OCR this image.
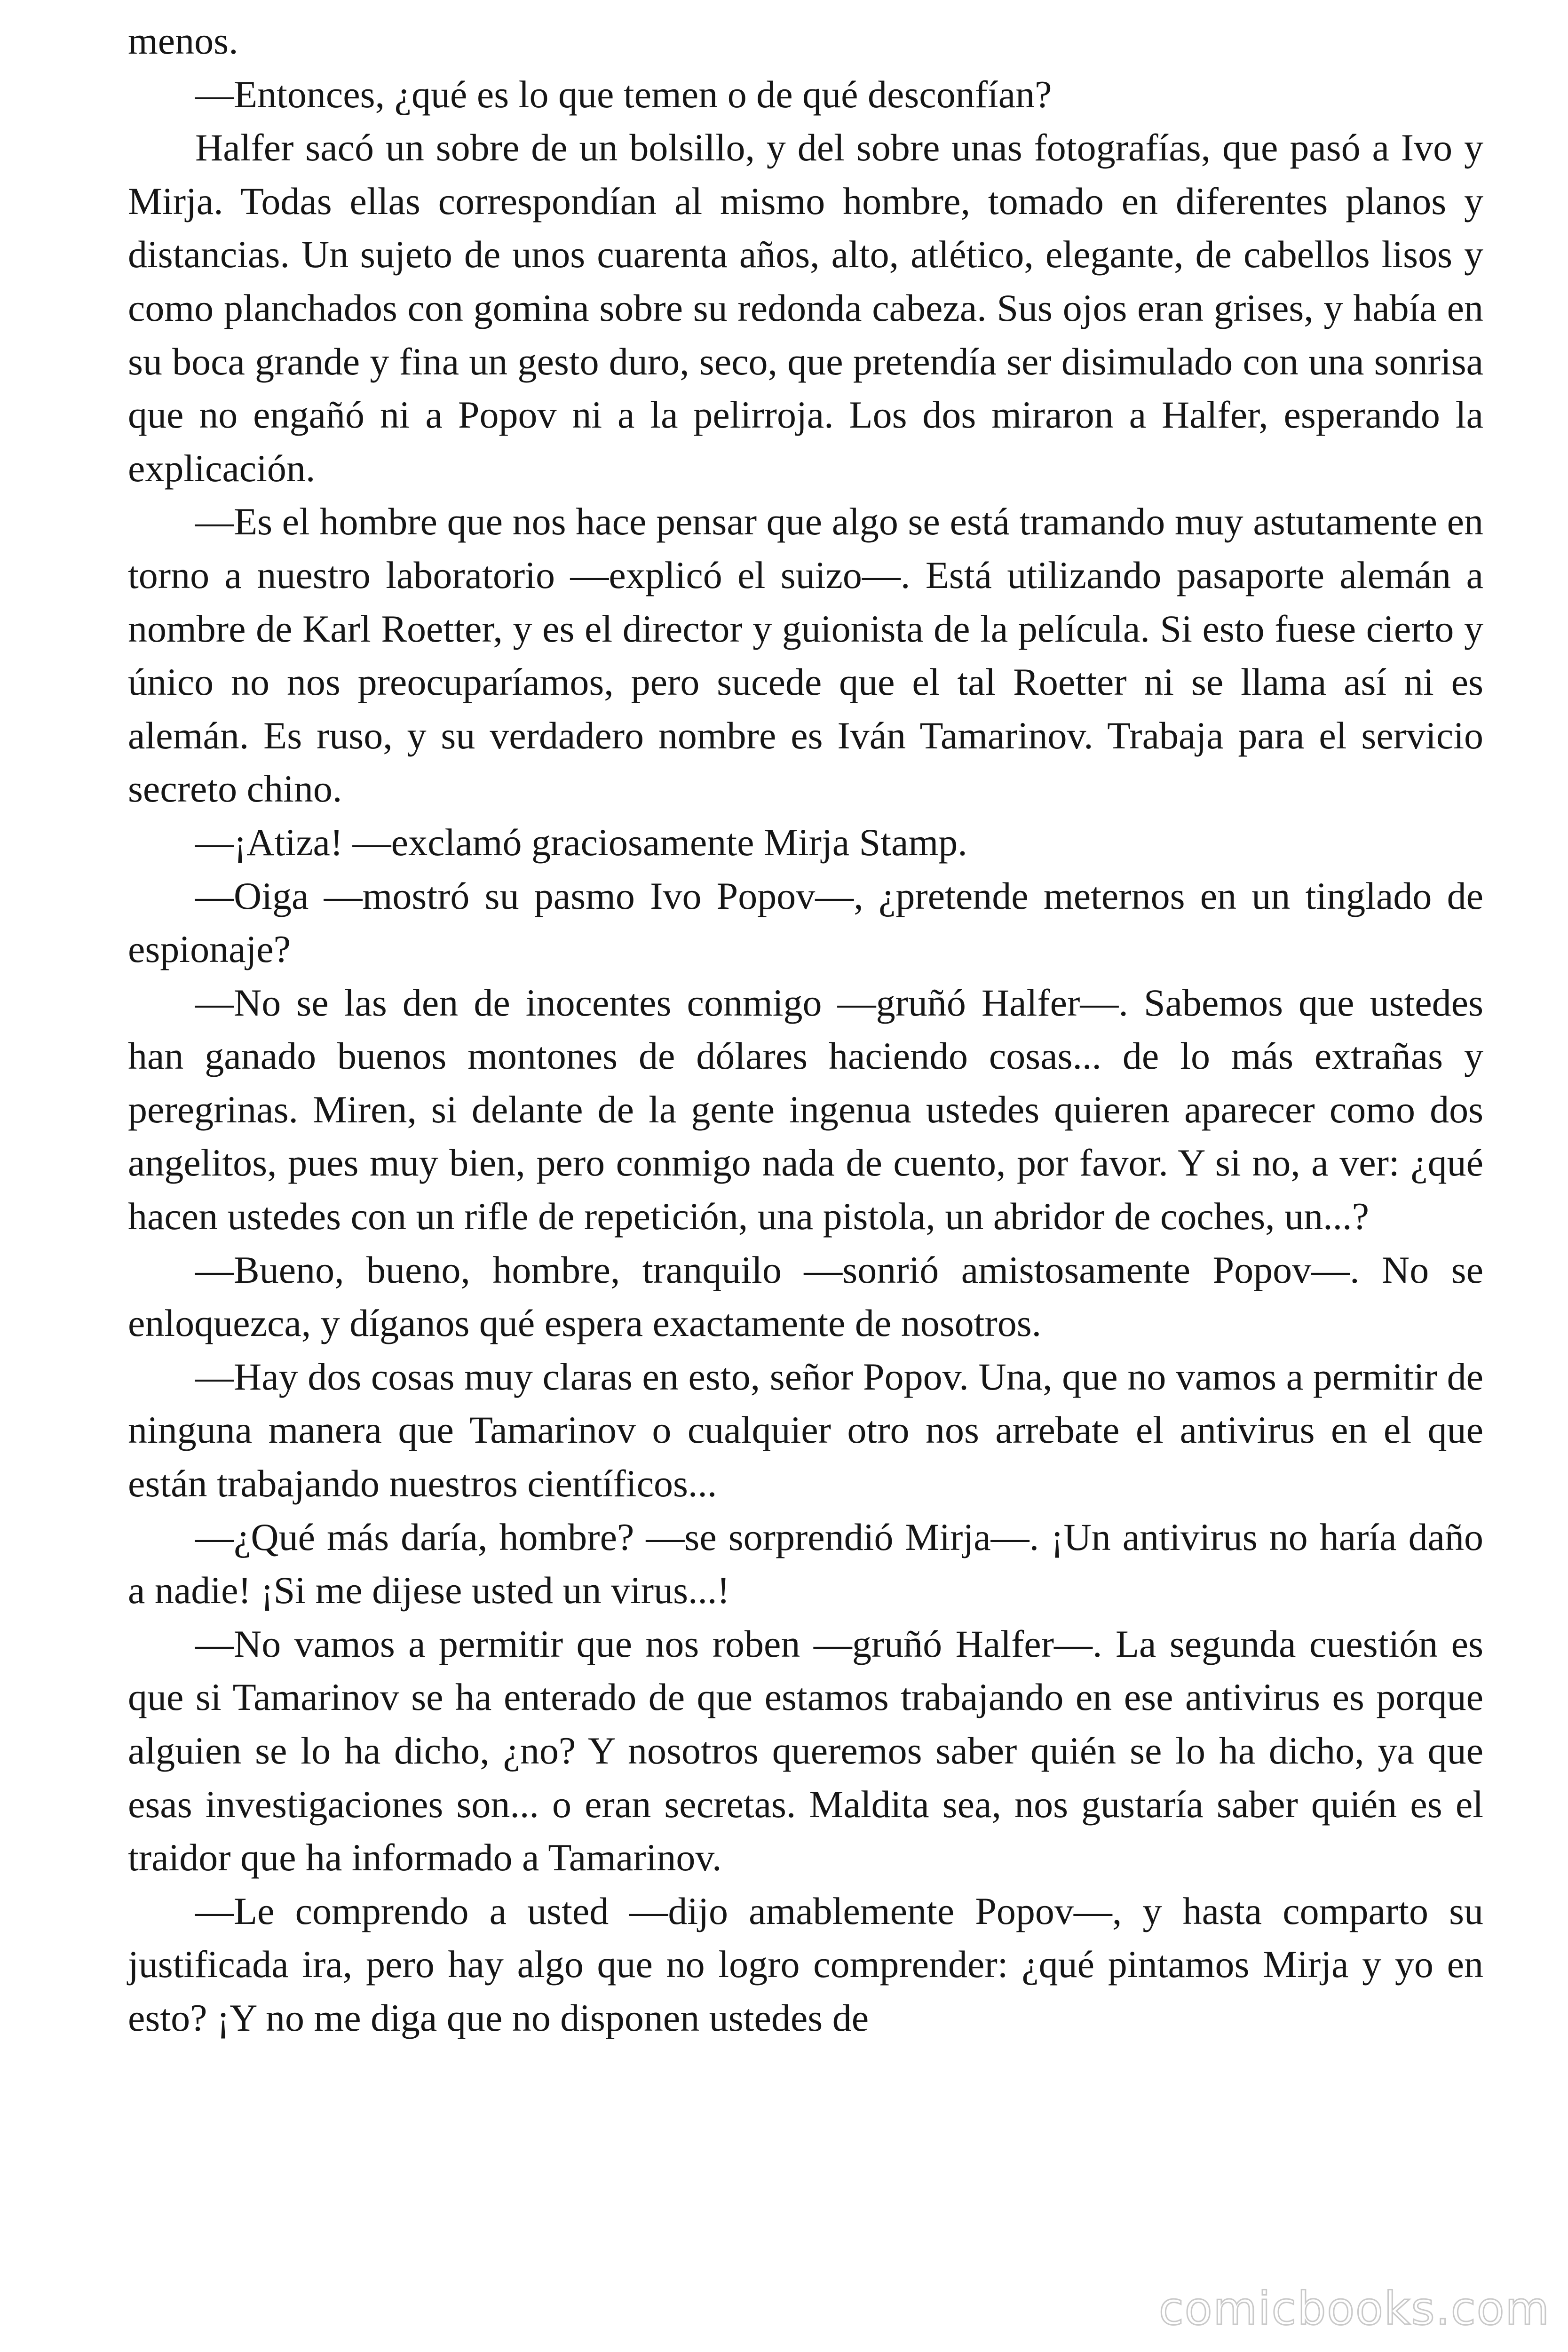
menos.

—Entonces, ¿qué es lo que temen o de qué desconfían?

Halfer sacó un sobre de un bolsillo, y del sobre unas fotografías, que pasó a Ivo y Mirja. Todas ellas correspondían al mismo hombre, tomado en diferentes planos y distancias. Un sujeto de unos cuarenta años, alto, atlético, elegante, de cabellos lisos y como planchados con gomina sobre su redonda cabeza. Sus ojos eran grises, y había en su boca grande y fina un gesto duro, seco, que pretendía ser disimulado con una sonrisa que no engañó ni a Popov ni a la pelirroja. Los dos miraron a Halfer, esperando la explicación.

—Es el hombre que nos hace pensar que algo se está tramando muy astutamente en torno a nuestro laboratorio —explicó el suizo—. Está utilizando pasaporte alemán a nombre de Karl Roetter, y es el director y guionista de la película. Si esto fuese cierto y único no nos preocuparíamos, pero sucede que el tal Roetter ni se llama así ni es alemán. Es ruso, y su verdadero nombre es Iván Tamarinov. Trabaja para el servicio secreto chino.

—¡Atiza! —exclamó graciosamente Mirja Stamp.

—Oiga —mostró su pasmo Ivo Popov—, ¿pretende meternos en un tinglado de espionaje?

—No se las den de inocentes conmigo —gruñó Halfer—. Sabemos que ustedes han ganado buenos montones de dólares haciendo cosas... de lo más extrañas y peregrinas. Miren, si delante de la gente ingenua ustedes quieren aparecer como dos angelitos, pues muy bien, pero conmigo nada de cuento, por favor. Y si no, a ver: ¿qué hacen ustedes con un rifle de repetición, una pistola, un abridor de coches, un...?

—Bueno, bueno, hombre, tranquilo —sonrió amistosamente Popov—. No se enloquezca, y díganos qué espera exactamente de nosotros.

—Hay dos cosas muy claras en esto, señor Popov. Una, que no vamos a permitir de ninguna manera que Tamarinov o cualquier otro nos arrebate el antivirus en el que están trabajando nuestros científicos...

—¿Qué más daría, hombre? —se sorprendió Mirja—. ¡Un antivirus no haría daño a nadie! ¡Si me dijese usted un virus...!

—No vamos a permitir que nos roben —gruñó Halfer—. La segunda cuestión es que si Tamarinov se ha enterado de que estamos trabajando en ese antivirus es porque alguien se lo ha dicho, ¿no? Y nosotros queremos saber quién se lo ha dicho, ya que esas investigaciones son... o eran secretas. Maldita sea, nos gustaría saber quién es el traidor que ha informado a Tamarinov.

—Le comprendo a usted —dijo amablemente Popov—, y hasta comparto su justificada ira, pero hay algo que no logro comprender: ¿qué pintamos Mirja y yo en esto? ¡Y no me diga que no disponen ustedes de

comicbooks.com
